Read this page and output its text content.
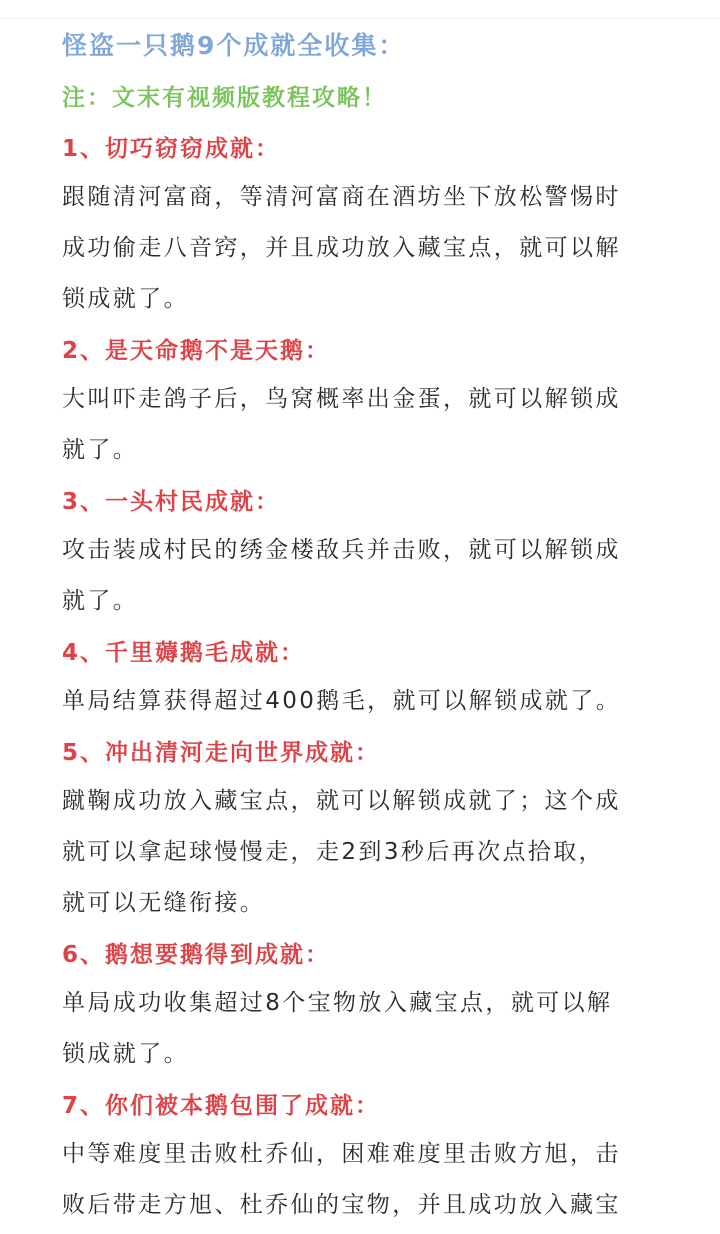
怪盗一只鹅9个成就全收集：

注：文末有视频版教程攻略！

1、切巧窃窃成就：

跟随清河富商，等清河富商在酒坊坐下放松警惕时
成功偷走八音窍，并且成功放入藏宝点，就可以解
锁成就了。

2、是天命鹅不是天鹅：

大叫吓走鸽子后，鸟窝概率出金蛋，就可以解锁成
就了。

3、一头村民成就：

攻击装成村民的绣金楼敌兵并击败，就可以解锁成
就了。

4、千里薅鹅毛成就：

单局结算获得超过400鹅毛，就可以解锁成就了。

5、冲出清河走向世界成就：

蹴鞠成功放入藏宝点，就可以解锁成就了；这个成
就可以拿起球慢慢走，走2到3秒后再次点拾取，
就可以无缝衔接。

6、鹅想要鹅得到成就：

单局成功收集超过8个宝物放入藏宝点，就可以解
锁成就了。

7、你们被本鹅包围了成就：

中等难度里击败杜乔仙，困难难度里击败方旭，击
败后带走方旭、杜乔仙的宝物，并且成功放入藏宝
